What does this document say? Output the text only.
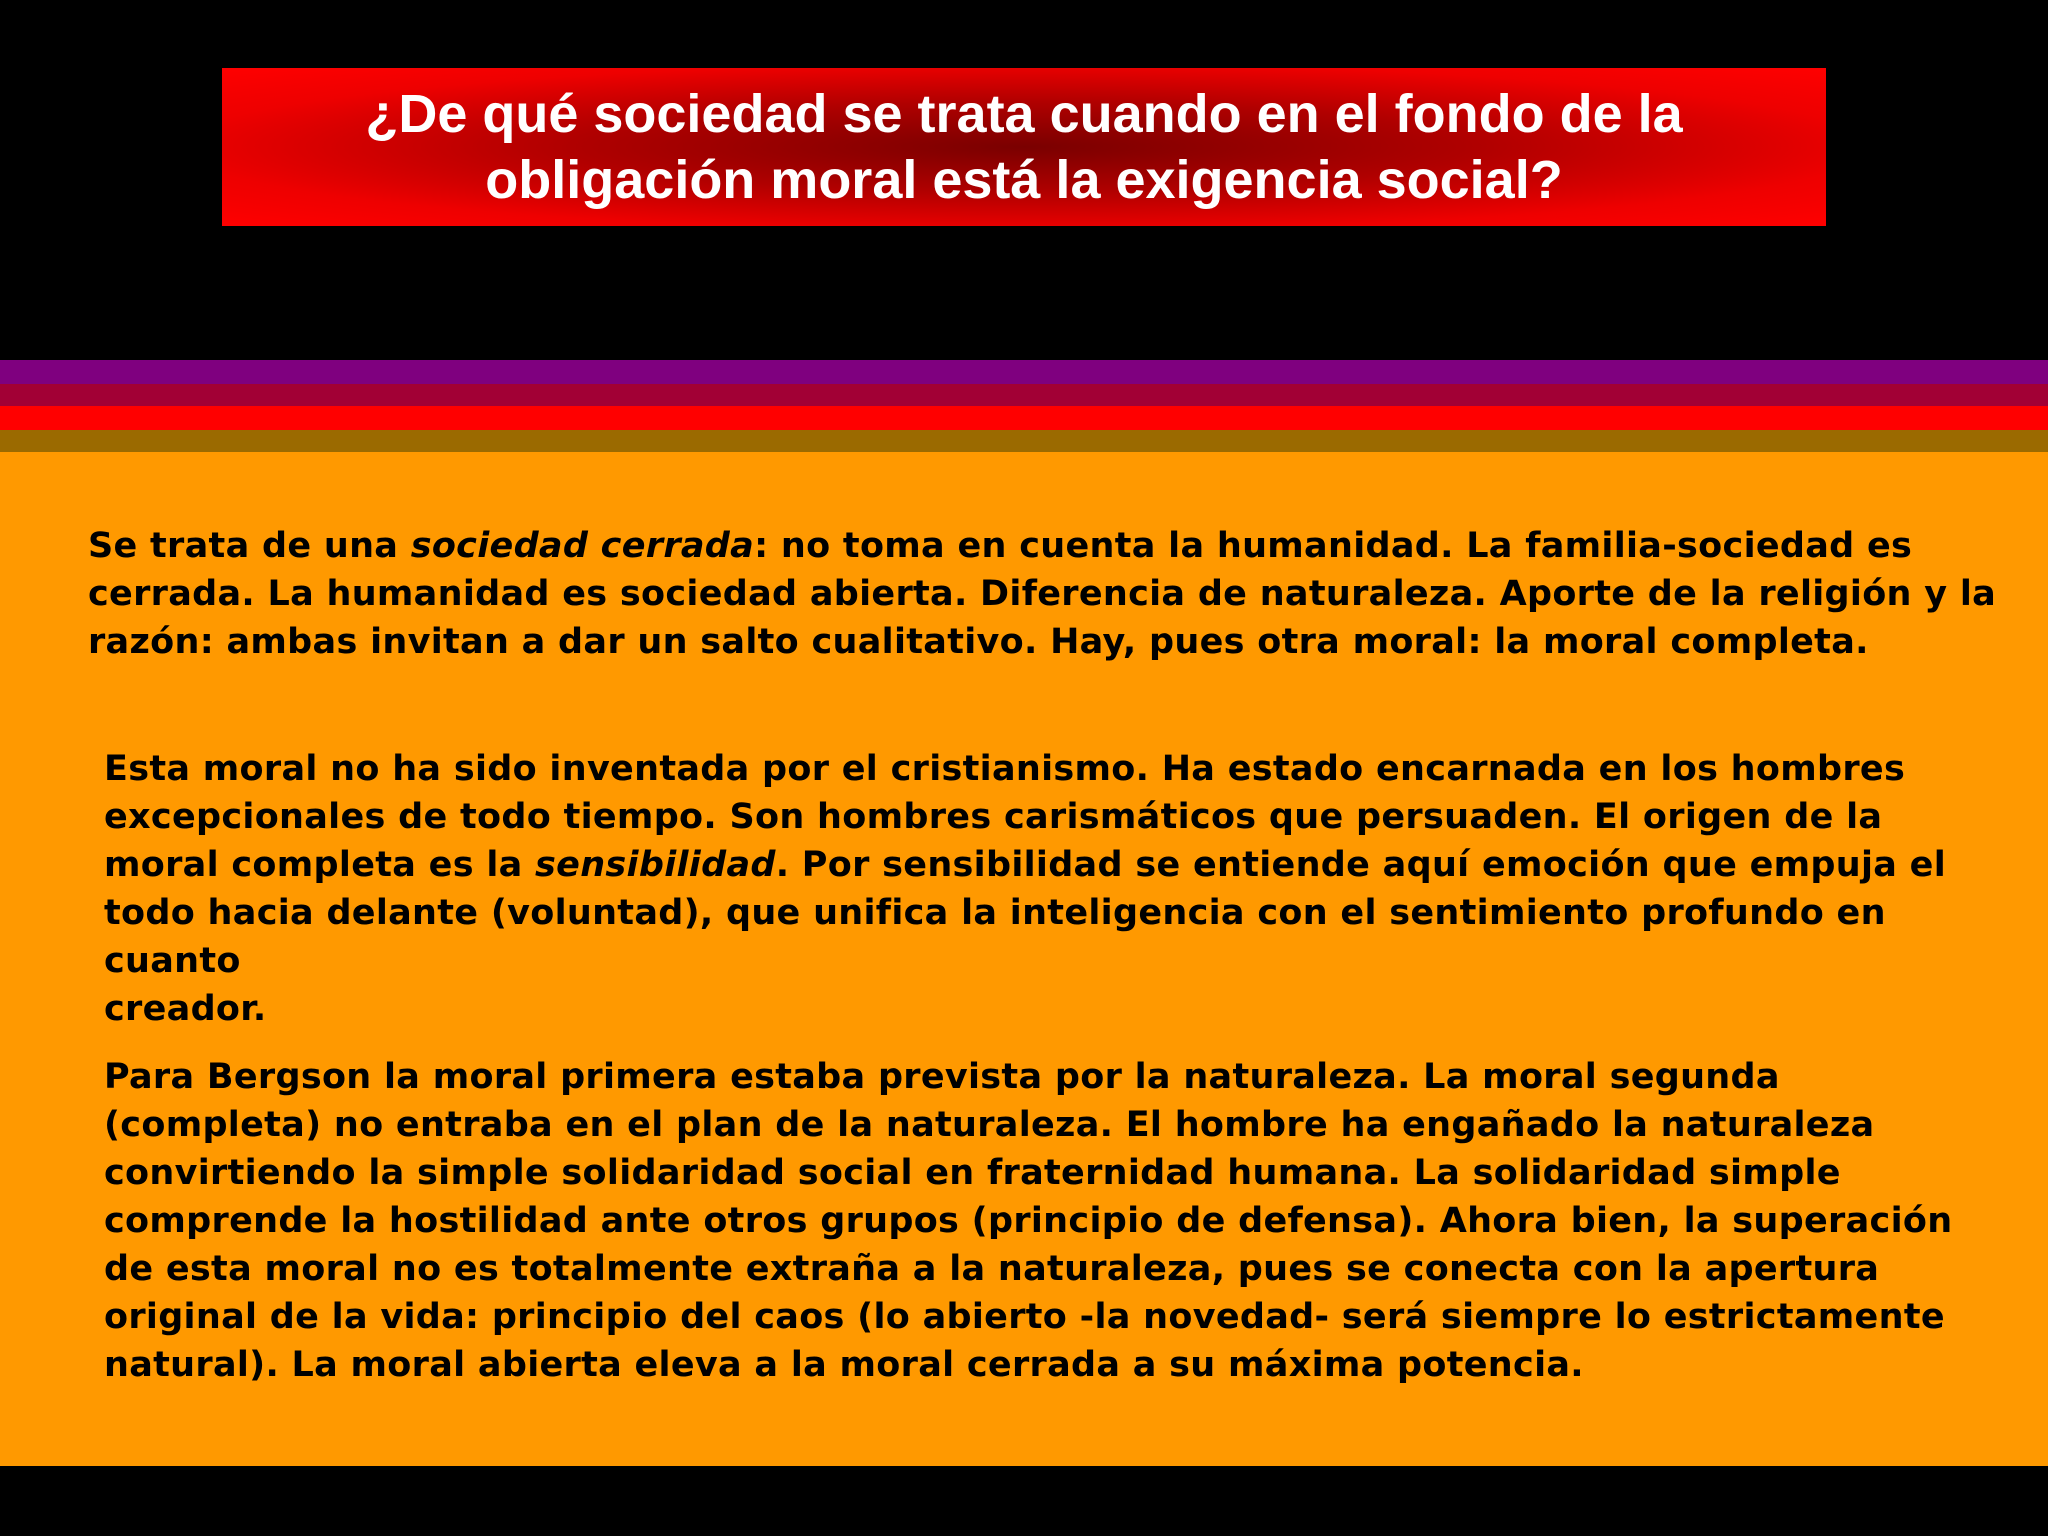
¿De qué sociedad se trata cuando en el fondo de la
obligación moral está la exigencia social?

Se trata de una sociedad cerrada: no toma en cuenta la humanidad. La familia-sociedad es
cerrada. La humanidad es sociedad abierta. Diferencia de naturaleza. Aporte de la religión y la
razón: ambas invitan a dar un salto cualitativo. Hay, pues otra moral: la moral completa.

Esta moral no ha sido inventada por el cristianismo. Ha estado encarnada en los hombres
excepcionales de todo tiempo. Son hombres carismáticos que persuaden. El origen de la
moral completa es la sensibilidad. Por sensibilidad se entiende aquí emoción que empuja el
todo hacia delante (voluntad), que unifica la inteligencia con el sentimiento profundo en cuanto
creador.

Para Bergson la moral primera estaba prevista por la naturaleza. La moral segunda
(completa) no entraba en el plan de la naturaleza. El hombre ha engañado la naturaleza
convirtiendo la simple solidaridad social en fraternidad humana. La solidaridad simple
comprende la hostilidad ante otros grupos (principio de defensa). Ahora bien, la superación
de esta moral no es totalmente extraña a la naturaleza, pues se conecta con la apertura
original de la vida: principio del caos (lo abierto -la novedad- será siempre lo estrictamente
natural). La moral abierta eleva a la moral cerrada a su máxima potencia.
